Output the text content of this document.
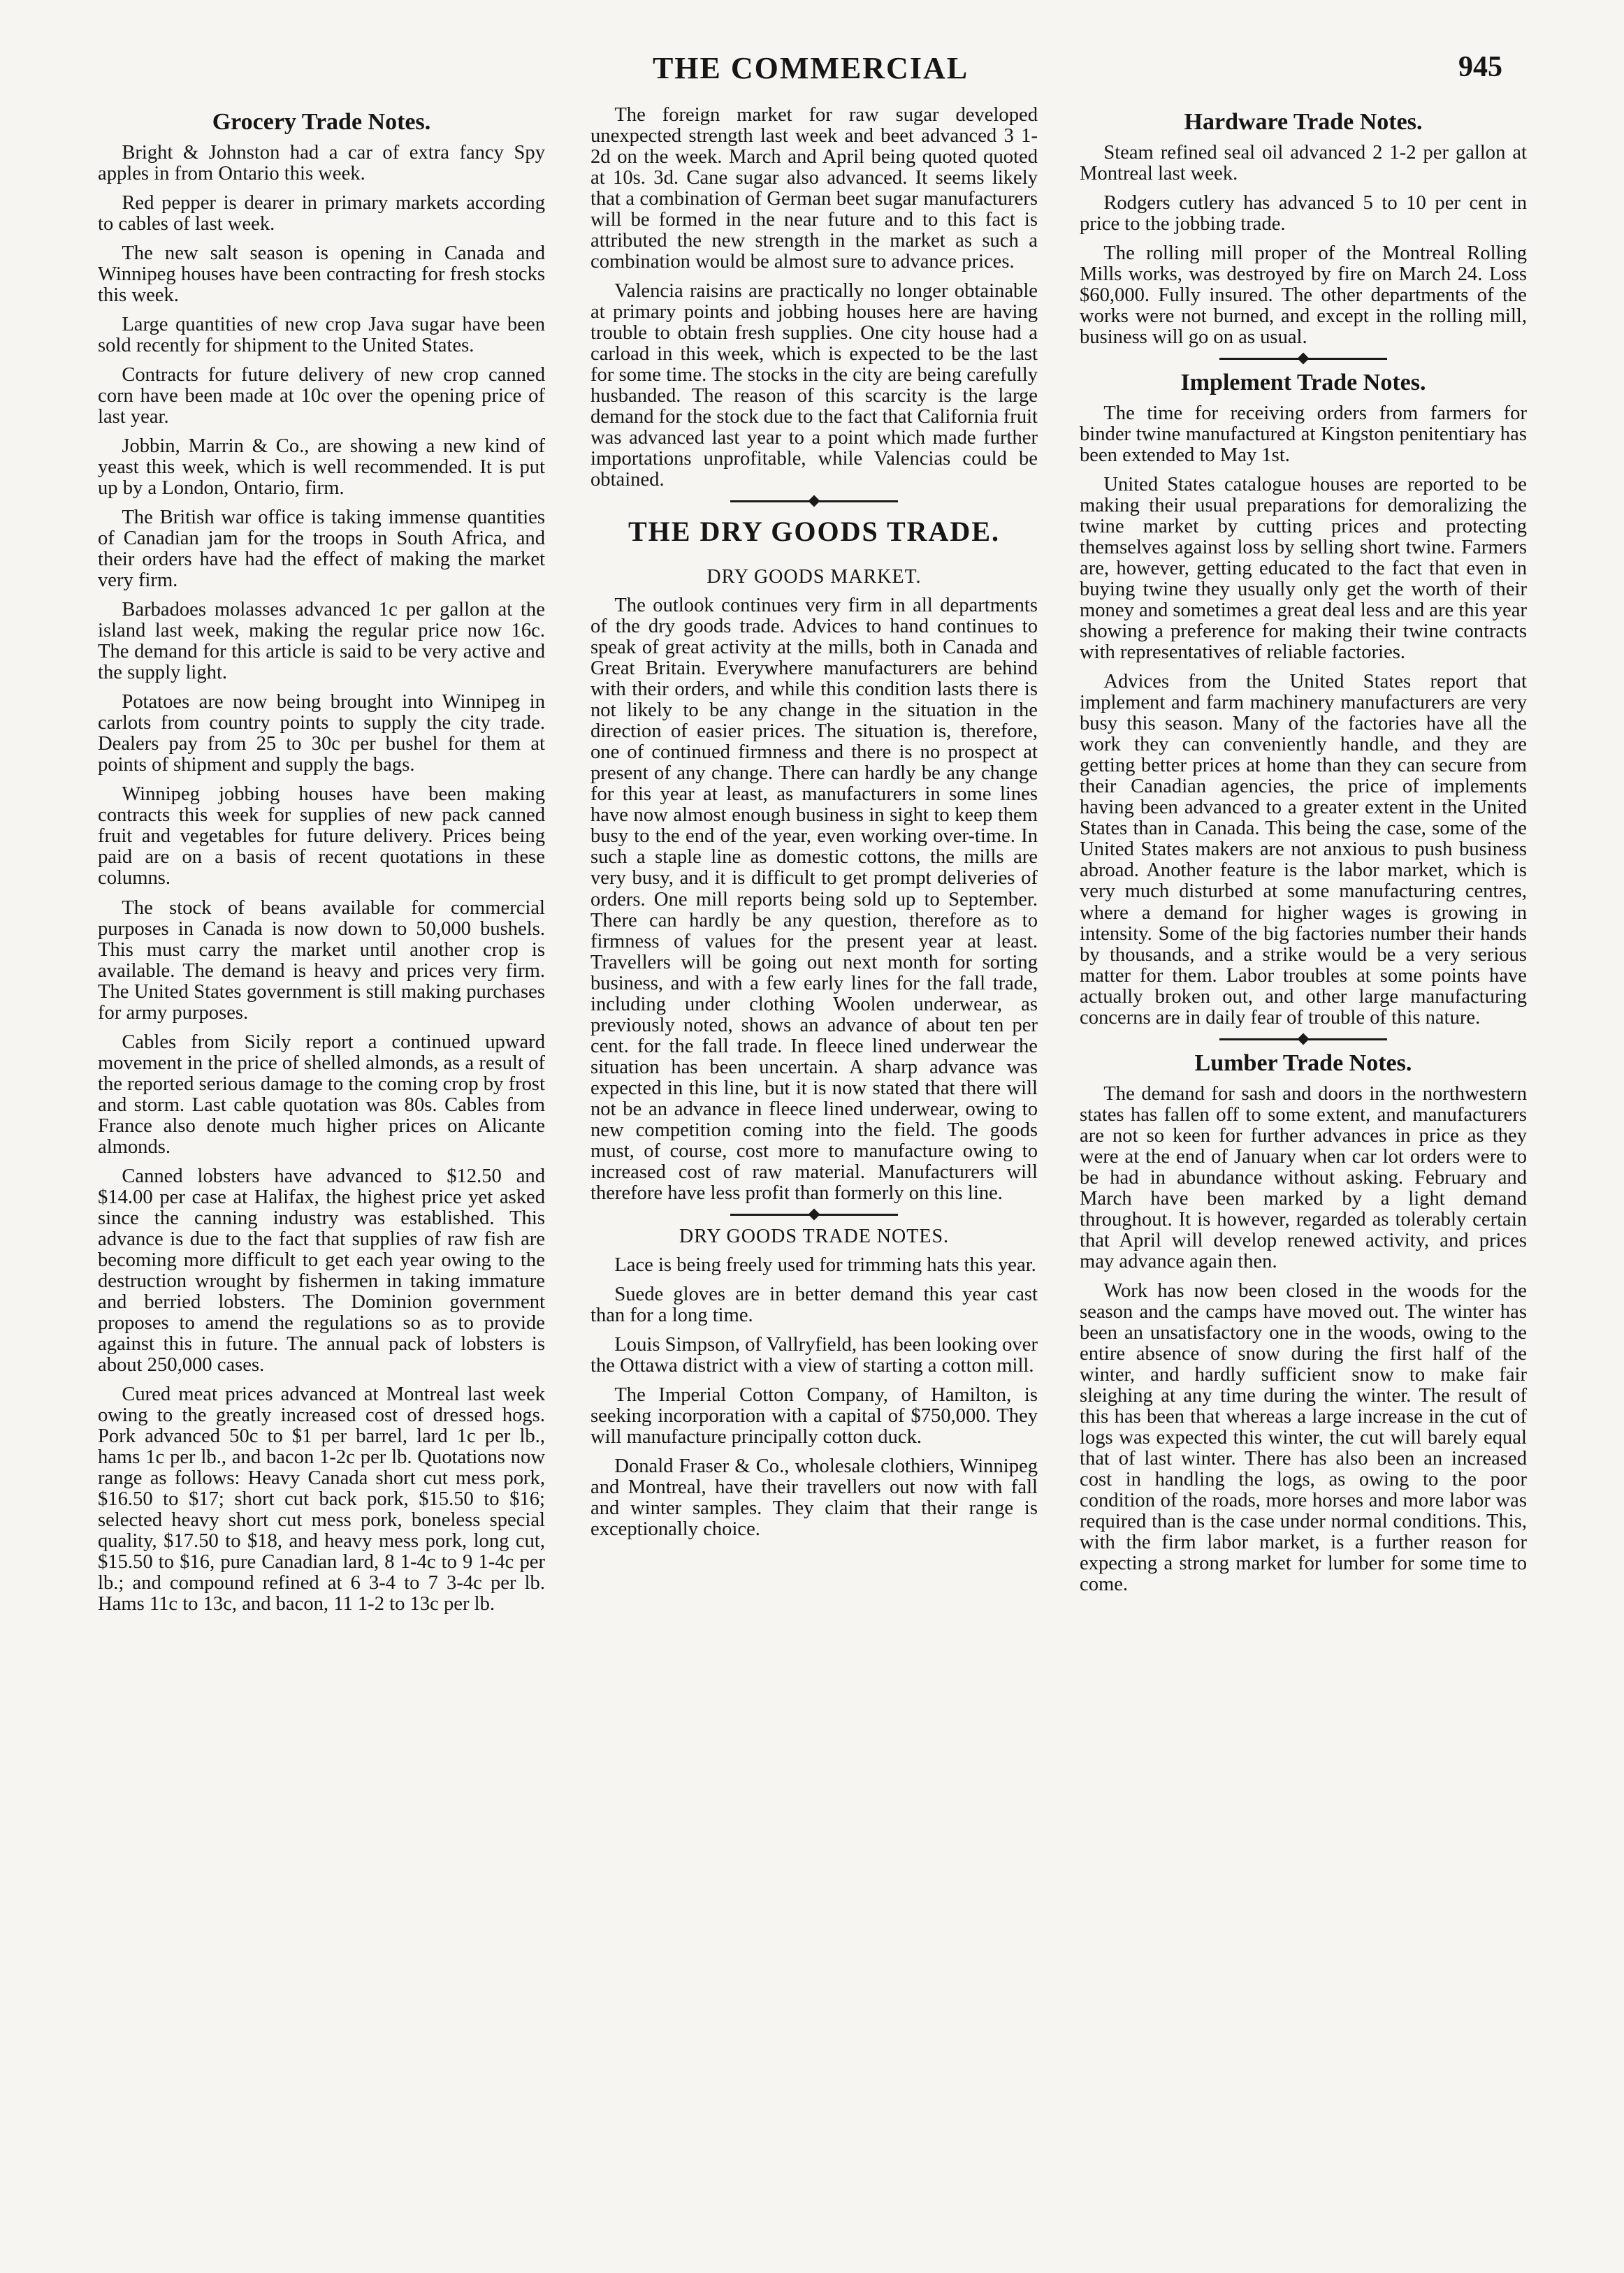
THE COMMERCIAL	945
Grocery Trade Notes.

Bright & Johnston had a car of extra fancy Spy apples in from Ontario this week.

Red pepper is dearer in primary markets according to cables of last week.

The new salt season is opening in Canada and Winnipeg houses have been contracting for fresh stocks this week.

Large quantities of new crop Java sugar have been sold recently for shipment to the United States.

Contracts for future delivery of new crop canned corn have been made at 10c over the opening price of last year.

Jobbin, Marrin & Co., are showing a new kind of yeast this week, which is well recommended. It is put up by a London, Ontario, firm.

The British war office is taking immense quantities of Canadian jam for the troops in South Africa, and their orders have had the effect of making the market very firm.

Barbadoes molasses advanced 1c per gallon at the island last week, making the regular price now 16c. The demand for this article is said to be very active and the supply light.

Potatoes are now being brought into Winnipeg in carlots from country points to supply the city trade. Dealers pay from 25 to 30c per bushel for them at points of shipment and supply the bags.

Winnipeg jobbing houses have been making contracts this week for supplies of new pack canned fruit and vegetables for future delivery. Prices being paid are on a basis of recent quotations in these columns.

The stock of beans available for commercial purposes in Canada is now down to 50,000 bushels. This must carry the market until another crop is available. The demand is heavy and prices very firm. The United States government is still making purchases for army purposes.

Cables from Sicily report a continued upward movement in the price of shelled almonds, as a result of the reported serious damage to the coming crop by frost and storm. Last cable quotation was 80s. Cables from France also denote much higher prices on Alicante almonds.

Canned lobsters have advanced to $12.50 and $14.00 per case at Halifax, the highest price yet asked since the canning industry was established. This advance is due to the fact that supplies of raw fish are becoming more difficult to get each year owing to the destruction wrought by fishermen in taking immature and berried lobsters. The Dominion government proposes to amend the regulations so as to provide against this in future. The annual pack of lobsters is about 250,000 cases.

Cured meat prices advanced at Montreal last week owing to the greatly increased cost of dressed hogs. Pork advanced 50c to $1 per barrel, lard 1c per lb., hams 1c per lb., and bacon 1-2c per lb. Quotations now range as follows: Heavy Canada short cut mess pork, $16.50 to $17; short cut back pork, $15.50 to $16; selected heavy short cut mess pork, boneless special quality, $17.50 to $18, and heavy mess pork, long cut, $15.50 to $16, pure Canadian lard, 8 1-4c to 9 1-4c per lb.; and compound refined at 6 3-4 to 7 3-4c per lb. Hams 11c to 13c, and bacon, 11 1-2 to 13c per lb.

The foreign market for raw sugar developed unexpected strength last week and beet advanced 3 1-2d on the week. March and April being quoted quoted at 10s. 3d. Cane sugar also advanced. It seems likely that a combination of German beet sugar manufacturers will be formed in the near future and to this fact is attributed the new strength in the market as such a combination would be almost sure to advance prices.

Valencia raisins are practically no longer obtainable at primary points and jobbing houses here are having trouble to obtain fresh supplies. One city house had a carload in this week, which is expected to be the last for some time. The stocks in the city are being carefully husbanded. The reason of this scarcity is the large demand for the stock due to the fact that California fruit was advanced last year to a point which made further importations unprofitable, while Valencias could be obtained.

THE DRY GOODS TRADE.
DRY GOODS MARKET.

The outlook continues very firm in all departments of the dry goods trade. Advices to hand continues to speak of great activity at the mills, both in Canada and Great Britain. Everywhere manufacturers are behind with their orders, and while this condition lasts there is not likely to be any change in the situation in the direction of easier prices. The situation is, therefore, one of continued firmness and there is no prospect at present of any change. There can hardly be any change for this year at least, as manufacturers in some lines have now almost enough business in sight to keep them busy to the end of the year, even working over-time. In such a staple line as domestic cottons, the mills are very busy, and it is difficult to get prompt deliveries of orders. One mill reports being sold up to September. There can hardly be any question, therefore as to firmness of values for the present year at least. Travellers will be going out next month for sorting business, and with a few early lines for the fall trade, including under clothing Woolen underwear, as previously noted, shows an advance of about ten per cent. for the fall trade. In fleece lined underwear the situation has been uncertain. A sharp advance was expected in this line, but it is now stated that there will not be an advance in fleece lined underwear, owing to new competition coming into the field. The goods must, of course, cost more to manufacture owing to increased cost of raw material. Manufacturers will therefore have less profit than formerly on this line.

DRY GOODS TRADE NOTES.

Lace is being freely used for trimming hats this year.

Suede gloves are in better demand this year cast than for a long time.

Louis Simpson, of Vallryfield, has been looking over the Ottawa district with a view of starting a cotton mill.

The Imperial Cotton Company, of Hamilton, is seeking incorporation with a capital of $750,000. They will manufacture principally cotton duck.

Donald Fraser & Co., wholesale clothiers, Winnipeg and Montreal, have their travellers out now with fall and winter samples. They claim that their range is exceptionally choice.

Hardware Trade Notes.

Steam refined seal oil advanced 2 1-2 per gallon at Montreal last week.

Rodgers cutlery has advanced 5 to 10 per cent in price to the jobbing trade.

The rolling mill proper of the Montreal Rolling Mills works, was destroyed by fire on March 24. Loss $60,000. Fully insured. The other departments of the works were not burned, and except in the rolling mill, business will go on as usual.

Implement Trade Notes.

The time for receiving orders from farmers for binder twine manufactured at Kingston penitentiary has been extended to May 1st.

United States catalogue houses are reported to be making their usual preparations for demoralizing the twine market by cutting prices and protecting themselves against loss by selling short twine. Farmers are, however, getting educated to the fact that even in buying twine they usually only get the worth of their money and sometimes a great deal less and are this year showing a preference for making their twine contracts with representatives of reliable factories.

Advices from the United States report that implement and farm machinery manufacturers are very busy this season. Many of the factories have all the work they can conveniently handle, and they are getting better prices at home than they can secure from their Canadian agencies, the price of implements having been advanced to a greater extent in the United States than in Canada. This being the case, some of the United States makers are not anxious to push business abroad. Another feature is the labor market, which is very much disturbed at some manufacturing centres, where a demand for higher wages is growing in intensity. Some of the big factories number their hands by thousands, and a strike would be a very serious matter for them. Labor troubles at some points have actually broken out, and other large manufacturing concerns are in daily fear of trouble of this nature.

Lumber Trade Notes.

The demand for sash and doors in the northwestern states has fallen off to some extent, and manufacturers are not so keen for further advances in price as they were at the end of January when car lot orders were to be had in abundance without asking. February and March have been marked by a light demand throughout. It is however, regarded as tolerably certain that April will develop renewed activity, and prices may advance again then.

Work has now been closed in the woods for the season and the camps have moved out. The winter has been an unsatisfactory one in the woods, owing to the entire absence of snow during the first half of the winter, and hardly sufficient snow to make fair sleighing at any time during the winter. The result of this has been that whereas a large increase in the cut of logs was expected this winter, the cut will barely equal that of last winter. There has also been an increased cost in handling the logs, as owing to the poor condition of the roads, more horses and more labor was required than is the case under normal conditions. This, with the firm labor market, is a further reason for expecting a strong market for lumber for some time to come.
